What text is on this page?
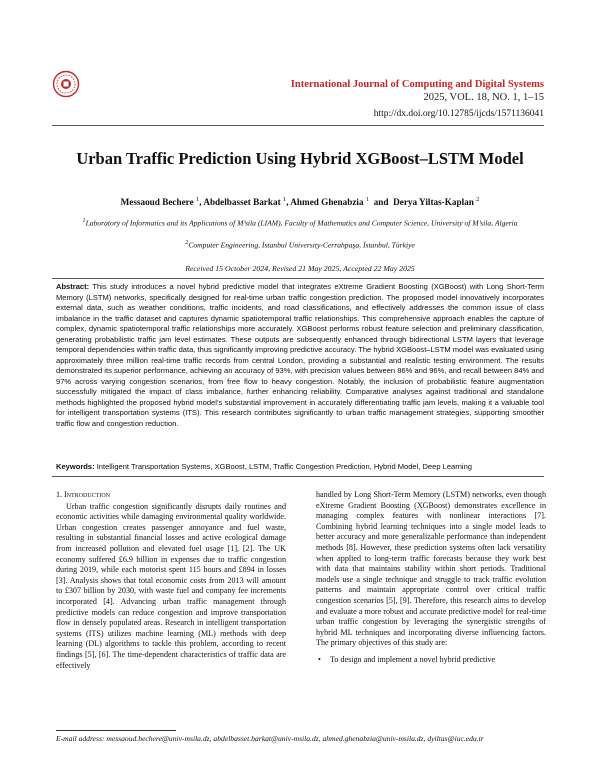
International Journal of Computing and Digital Systems
2025, VOL. 18, NO. 1, 1–15
http://dx.doi.org/10.12785/ijcds/1571136041
Urban Traffic Prediction Using Hybrid XGBoost–LSTM Model
Messaoud Bechere $^1$, Abdelbasset Barkat $^1$, Ahmed Ghenabzia $^1$ and Derya Yiltas-Kaplan $^2$
$^1$Laboratory of Informatics and its Applications of M’sila (LIAM), Faculty of Mathematics and Computer Science, University of M’sila, Algeria
$^2$Computer Engineering, İstanbul University-Cerrahpaşa, İstanbul, Türkiye
Received 15 October 2024, Revised 21 May 2025, Accepted 22 May 2025
Abstract: This study introduces a novel hybrid predictive model that integrates eXtreme Gradient Boosting (XGBoost) with Long Short-Term Memory (LSTM) networks, specifically designed for real-time urban traffic congestion prediction. The proposed model innovatively incorporates external data, such as weather conditions, traffic incidents, and road classifications, and effectively addresses the common issue of class imbalance in the traffic dataset and captures dynamic spatiotemporal traffic relationships. This comprehensive approach enables the capture of complex, dynamic spatiotemporal traffic relationships more accurately. XGBoost performs robust feature selection and preliminary classification, generating probabilistic traffic jam level estimates. These outputs are subsequently enhanced through bidirectional LSTM layers that leverage temporal dependencies within traffic data, thus significantly improving predictive accuracy. The hybrid XGBoost–LSTM model was evaluated using approximately three million real-time traffic records from central London, providing a substantial and realistic testing environment. The results demonstrated its superior performance, achieving an accuracy of 93%, with precision values between 86% and 96%, and recall between 84% and 97% across varying congestion scenarios, from free flow to heavy congestion. Notably, the inclusion of probabilistic feature augmentation successfully mitigated the impact of class imbalance, further enhancing reliability. Comparative analyses against traditional and standalone methods highlighted the proposed hybrid model’s substantial improvement in accurately differentiating traffic jam levels, making it a valuable tool for intelligent transportation systems (ITS). This research contributes significantly to urban traffic management strategies, supporting smoother traffic flow and congestion reduction.
Keywords: Intelligent Transportation Systems, XGBoost, LSTM, Traffic Congestion Prediction, Hybrid Model, Deep Learning
1. Introduction

Urban traffic congestion significantly disrupts daily routines and economic activities while damaging environmental quality worldwide. Urban congestion creates passenger annoyance and fuel waste, resulting in substantial financial losses and active ecological damage from increased pollution and elevated fuel usage [1], [2]. The UK economy suffered £6.9 billion in expenses due to traffic congestion during 2019, while each motorist spent 115 hours and £894 in losses [3]. Analysis shows that total economic costs from 2013 will amount to £307 billion by 2030, with waste fuel and company fee increments incorporated [4]. Advancing urban traffic management through predictive models can reduce congestion and improve transportation flow in densely populated areas. Research in intelligent transportation systems (ITS) utilizes machine learning (ML) methods with deep learning (DL) algorithms to tackle this problem, according to recent findings [5], [6]. The time-dependent characteristics of traffic data are effectively

handled by Long Short-Term Memory (LSTM) networks, even though eXtreme Gradient Boosting (XGBoost) demonstrates excellence in managing complex features with nonlinear interactions [7]. Combining hybrid learning techniques into a single model leads to better accuracy and more generalizable performance than independent methods [8]. However, these prediction systems often lack versatility when applied to long-term traffic forecasts because they work best with data that maintains stability within short periods. Traditional models use a single technique and struggle to track traffic evolution patterns and maintain appropriate control over critical traffic congestion scenarios [5], [9]. Therefore, this research aims to develop and evaluate a more robust and accurate predictive model for real-time urban traffic congestion by leveraging the synergistic strengths of hybrid ML techniques and incorporating diverse influencing factors. The primary objectives of this study are:

• To design and implement a novel hybrid predictive
E-mail address: messaoud.bechere@univ-msila.dz, abdelbasset.barkat@univ-msila.dz, ahmed.ghenabzia@univ-msila.dz, dyiltas@iuc.edu.tr
